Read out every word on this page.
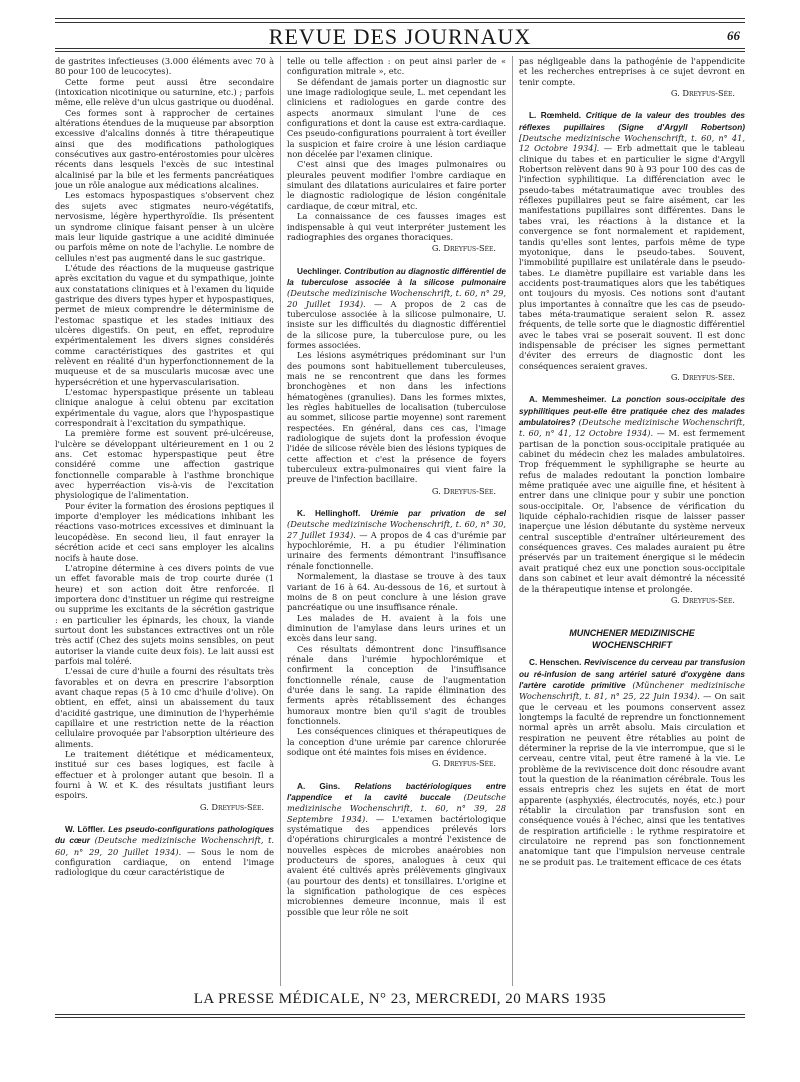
REVUE DES JOURNAUX	66

de gastrites infectieuses (3.000 éléments avec 70 à 80 pour 100 de leucocytes).

Cette forme peut aussi être secondaire (intoxication nicotinique ou saturnine, etc.) ; parfois même, elle relève d'un ulcus gastrique ou duodénal.

Ces formes sont à rapprocher de certaines altérations étendues de la muqueuse par absorption excessive d'alcalins donnés à titre thérapeutique ainsi que des modifications pathologiques consécutives aux gastro-entérostomies pour ulcères récents dans lesquels l'excès de suc intestinal alcalinisé par la bile et les ferments pancréatiques joue un rôle analogue aux médications alcalines.

Les estomacs hypospastiques s'observent chez des sujets avec stigmates neuro-végétatifs, nervosisme, légère hyperthyroïdie. Ils présentent un syndrome clinique faisant penser à un ulcère mais leur liquide gastrique a une acidité diminuée ou parfois même on note de l'achylie. Le nombre de cellules n'est pas augmenté dans le suc gastrique.

L'étude des réactions de la muqueuse gastrique après excitation du vague et du sympathique, jointe aux constatations cliniques et à l'examen du liquide gastrique des divers types hyper et hypospastiques, permet de mieux comprendre le déterminisme de l'estomac spastique et les stades initiaux des ulcères digestifs. On peut, en effet, reproduire expérimentalement les divers signes considérés comme caractéristiques des gastrites et qui relèvent en réalité d'un hyperfonctionnement de la muqueuse et de sa muscularis mucosæ avec une hypersécrétion et une hypervascularisation.

L'estomac hyperspastique présente un tableau clinique analogue à celui obtenu par excitation expérimentale du vague, alors que l'hypospastique correspondrait à l'excitation du sympathique.

La première forme est souvent pré-ulcéreuse, l'ulcère se développant ultérieurement en 1 ou 2 ans. Cet estomac hyperspastique peut être considéré comme une affection gastrique fonctionnelle comparable à l'asthme bronchique avec hyperréaction vis-à-vis de l'excitation physiologique de l'alimentation.

Pour éviter la formation des érosions peptiques il importe d'employer les médications inhibant les réactions vaso-motrices excessives et diminuant la leucopédèse. En second lieu, il faut enrayer la sécrétion acide et ceci sans employer les alcalins nocifs à haute dose.

L'atropine détermine à ces divers points de vue un effet favorable mais de trop courte durée (1 heure) et son action doit être renforcée. Il importera donc d'instituer un régime qui restreigne ou supprime les excitants de la sécrétion gastrique : en particulier les épinards, les choux, la viande surtout dont les substances extractives ont un rôle très actif (Chez des sujets moins sensibles, on peut autoriser la viande cuite deux fois). Le lait aussi est parfois mal toléré.

L'essai de cure d'huile a fourni des résultats très favorables et on devra en prescrire l'absorption avant chaque repas (5 à 10 cmc d'huile d'olive). On obtient, en effet, ainsi un abaissement du taux d'acidité gastrique, une diminution de l'hyperhémie capillaire et une restriction nette de la réaction cellulaire provoquée par l'absorption ultérieure des aliments.

Le traitement diététique et médicamenteux, institué sur ces bases logiques, est facile à effectuer et à prolonger autant que besoin. Il a fourni à W. et K. des résultats justifiant leurs espoirs.

G. Dreyfus-Sée.

W. Löffler. Les pseudo-configurations pathologiques du cœur (Deutsche medizinische Wochenschrift, t. 60, n° 29, 20 Juillet 1934). — Sous le nom de configuration cardiaque, on entend l'image radiologique du cœur caractéristique de

telle ou telle affection : on peut ainsi parler de « configuration mitrale », etc.

Se défendant de jamais porter un diagnostic sur une image radiologique seule, L. met cependant les cliniciens et radiologues en garde contre des aspects anormaux simulant l'une de ces configurations et dont la cause est extra-cardiaque. Ces pseudo-configurations pourraient à tort éveiller la suspicion et faire croire à une lésion cardiaque non décelée par l'examen clinique.

C'est ainsi que des images pulmonaires ou pleurales peuvent modifier l'ombre cardiaque en simulant des dilatations auriculaires et faire porter le diagnostic radiologique de lésion congénitale cardiaque, de cœur mitral, etc.

La connaissance de ces fausses images est indispensable à qui veut interpréter justement les radiographies des organes thoraciques.

G. Dreyfus-Sée.

Uechlinger. Contribution au diagnostic différentiel de la tuberculose associée à la silicose pulmonaire (Deutsche medizinische Wochenschrift, t. 60, n° 29, 20 Juillet 1934). — A propos de 2 cas de tuberculose associée à la silicose pulmonaire, U. insiste sur les difficultés du diagnostic différentiel de la silicose pure, la tuberculose pure, ou les formes associées.

Les lésions asymétriques prédominant sur l'un des poumons sont habituellement tuberculeuses, mais ne se rencontrent que dans les formes bronchogènes et non dans les infections hématogènes (granulies). Dans les formes mixtes, les règles habituelles de localisation (tuberculose au sommet, silicose partie moyenne) sont rarement respectées. En général, dans ces cas, l'image radiologique de sujets dont la profession évoque l'idée de silicose révèle bien des lésions typiques de cette affection et c'est la présence de foyers tuberculeux extra-pulmonaires qui vient faire la preuve de l'infection bacillaire.

G. Dreyfus-Sée.

K. Hellinghoff. Urémie par privation de sel (Deutsche medizinische Wochenschrift, t. 60, n° 30, 27 Juillet 1934). — A propos de 4 cas d'urémie par hypochlorémie, H. a pu étudier l'élimination urinaire des ferments démontrant l'insuffisance rénale fonctionnelle.

Normalement, la diastase se trouve à des taux variant de 16 à 64. Au-dessous de 16, et surtout à moins de 8 on peut conclure à une lésion grave pancréatique ou une insuffisance rénale.

Les malades de H. avaient à la fois une diminution de l'amylase dans leurs urines et un excès dans leur sang.

Ces résultats démontrent donc l'insuffisance rénale dans l'urémie hypochlorémique et confirment la conception de l'insuffisance fonctionnelle rénale, cause de l'augmentation d'urée dans le sang. La rapide élimination des ferments après rétablissement des échanges humoraux montre bien qu'il s'agit de troubles fonctionnels.

Les conséquences cliniques et thérapeutiques de la conception d'une urémie par carence chlorurée sodique ont été maintes fois mises en évidence.

G. Dreyfus-Sée.

A. Gins. Relations bactériologiques entre l'appendice et la cavité buccale (Deutsche medizinische Wochenschrift, t. 60, n° 39, 28 Septembre 1934). — L'examen bactériologique systématique des appendices prélevés lors d'opérations chirurgicales a montré l'existence de nouvelles espèces de microbes anaérobies non producteurs de spores, analogues à ceux qui avaient été cultivés après prélèvements gingivaux (au pourtour des dents) et tonsillaires. L'origine et la signification pathologique de ces espèces microbiennes demeure inconnue, mais il est possible que leur rôle ne soit

pas négligeable dans la pathogénie de l'appendicite et les recherches entreprises à ce sujet devront en tenir compte.

G. Dreyfus-Sée.

L. Rœmheld. Critique de la valeur des troubles des réflexes pupillaires (Signe d'Argyll Robertson) [Deutsche medizinische Wochenschrift, t. 60, n° 41, 12 Octobre 1934]. — Erb admettait que le tableau clinique du tabes et en particulier le signe d'Argyll Robertson relèvent dans 90 à 93 pour 100 des cas de l'infection syphilitique. La différenciation avec le pseudo-tabes métatraumatique avec troubles des réflexes pupillaires peut se faire aisément, car les manifestations pupillaires sont différentes. Dans le tabes vrai, les réactions à la distance et la convergence se font normalement et rapidement, tandis qu'elles sont lentes, parfois même de type myotonique, dans le pseudo-tabes. Souvent, l'immobilité pupillaire est unilatérale dans le pseudo-tabes. Le diamètre pupillaire est variable dans les accidents post-traumatiques alors que les tabétiques ont toujours du myosis. Ces notions sont d'autant plus importantes à connaître que les cas de pseudo-tabes méta-traumatique seraient selon R. assez fréquents, de telle sorte que le diagnostic différentiel avec le tabes vrai se poserait souvent. Il est donc indispensable de préciser les signes permettant d'éviter des erreurs de diagnostic dont les conséquences seraient graves.

G. Dreyfus-Sée.

A. Memmesheimer. La ponction sous-occipitale des syphilitiques peut-elle être pratiquée chez des malades ambulatoires? (Deutsche medizinische Wochenschrift, t. 60, n° 41, 12 Octobre 1934). — M. est fermement partisan de la ponction sous-occipitale pratiquée au cabinet du médecin chez les malades ambulatoires. Trop fréquemment le syphiligraphe se heurte au refus de malades redoutant la ponction lombaire même pratiquée avec une aiguille fine, et hésitent à entrer dans une clinique pour y subir une ponction sous-occipitale. Or, l'absence de vérification du liquide céphalo-rachidien risque de laisser passer inaperçue une lésion débutante du système nerveux central susceptible d'entraîner ultérieurement des conséquences graves. Ces malades auraient pu être préservés par un traitement énergique si le médecin avait pratiqué chez eux une ponction sous-occipitale dans son cabinet et leur avait démontré la nécessité de la thérapeutique intense et prolongée.

G. Dreyfus-Sée.

MUNCHENER MEDIZINISCHE
WOCHENSCHRIFT

C. Henschen. Reviviscence du cerveau par transfusion ou ré-infusion de sang artériel saturé d'oxygène dans l'artère carotide primitive (Münchener medizinische Wochenschrift, t. 81, n° 25, 22 Juin 1934). — On sait que le cerveau et les poumons conservent assez longtemps la faculté de reprendre un fonctionnement normal après un arrêt absolu. Mais circulation et respiration ne peuvent être rétablies au point de déterminer la reprise de la vie interrompue, que si le cerveau, centre vital, peut être ramené à la vie. Le problème de la reviviscence doit donc résoudre avant tout la question de la réanimation cérébrale. Tous les essais entrepris chez les sujets en état de mort apparente (asphyxiés, électrocutés, noyés, etc.) pour rétablir la circulation par transfusion sont en conséquence voués à l'échec, ainsi que les tentatives de respiration artificielle : le rythme respiratoire et circulatoire ne reprend pas son fonctionnement anatomique tant que l'impulsion nerveuse centrale ne se produit pas. Le traitement efficace de ces états

LA PRESSE MÉDICALE, N° 23, MERCREDI, 20 MARS 1935
